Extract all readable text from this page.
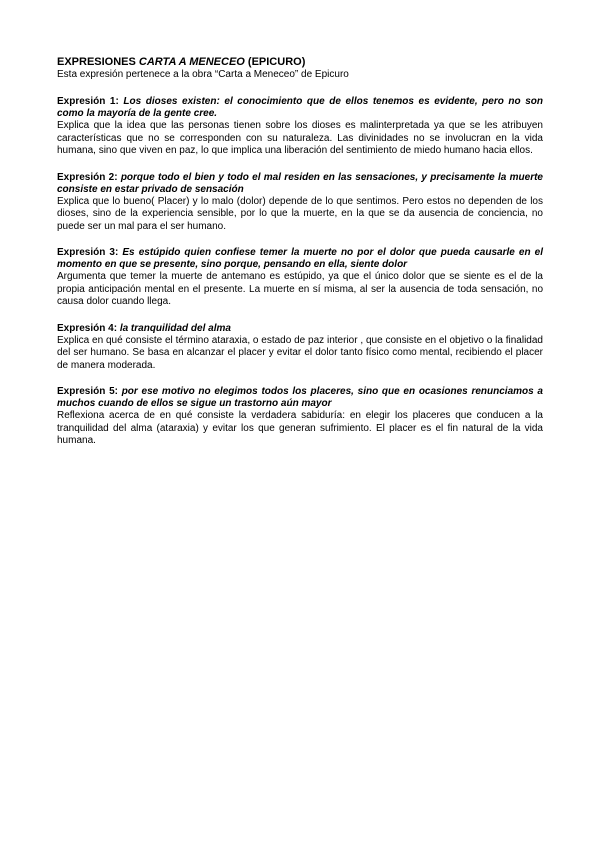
EXPRESIONES CARTA A MENECEO (EPICURO)

Esta expresión pertenece a la obra “Carta a Meneceo” de Epicuro

Expresión 1: Los dioses existen: el conocimiento que de ellos tenemos es evidente, pero no son como la mayoría de la gente cree.

Explica que la idea que las personas tienen sobre los dioses es malinterpretada ya que se les atribuyen características que no se corresponden con su naturaleza. Las divinidades no se involucran en la vida humana, sino que viven en paz, lo que implica una liberación del sentimiento de miedo humano hacia ellos.

Expresión 2: porque todo el bien y todo el mal residen en las sensaciones, y precisamente la muerte consiste en estar privado de sensación

Explica que lo bueno( Placer) y lo malo (dolor) depende de lo que sentimos. Pero estos no dependen de los dioses, sino de la experiencia sensible, por lo que la muerte, en la que se da ausencia de conciencia, no puede ser un mal para el ser humano.

Expresión 3: Es estúpido quien confiese temer la muerte no por el dolor que pueda causarle en el momento en que se presente, sino porque, pensando en ella, siente dolor

Argumenta que temer la muerte de antemano es estúpido, ya que el único dolor que se siente es el de la propia anticipación mental en el presente. La muerte en sí misma, al ser la ausencia de toda sensación, no causa dolor cuando llega.

Expresión 4: la tranquilidad del alma

Explica en qué consiste el término ataraxia, o estado de paz interior , que consiste en el objetivo o la finalidad del ser humano. Se basa en alcanzar el placer y evitar el dolor tanto físico como mental, recibiendo el placer de manera moderada.

Expresión 5: por ese motivo no elegimos todos los placeres, sino que en ocasiones renunciamos a muchos cuando de ellos se sigue un trastorno aún mayor

Reflexiona acerca de en qué consiste la verdadera sabiduría: en elegir los placeres que conducen a la tranquilidad del alma (ataraxia) y evitar los que generan sufrimiento. El placer es el fin natural de la vida humana.
